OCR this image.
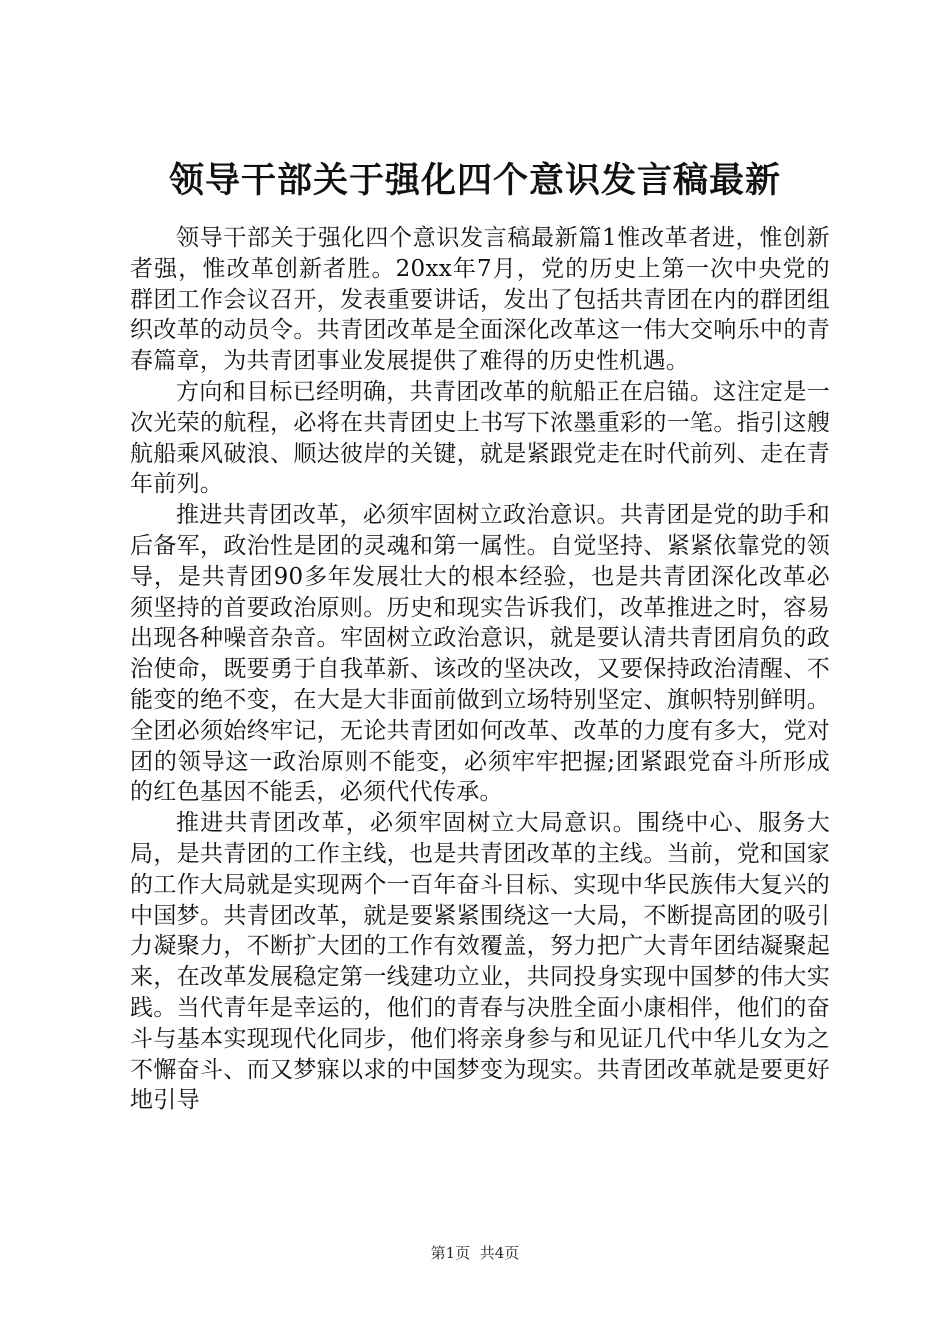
领导干部关于强化四个意识发言稿最新

领导干部关于强化四个意识发言稿最新篇1惟改革者进，惟创新者强，惟改革创新者胜。20xx年7月，党的历史上第一次中央党的群团工作会议召开，发表重要讲话，发出了包括共青团在内的群团组织改革的动员令。共青团改革是全面深化改革这一伟大交响乐中的青春篇章，为共青团事业发展提供了难得的历史性机遇。

方向和目标已经明确，共青团改革的航船正在启锚。这注定是一次光荣的航程，必将在共青团史上书写下浓墨重彩的一笔。指引这艘航船乘风破浪、顺达彼岸的关键，就是紧跟党走在时代前列、走在青年前列。

推进共青团改革，必须牢固树立政治意识。共青团是党的助手和后备军，政治性是团的灵魂和第一属性。自觉坚持、紧紧依靠党的领导，是共青团90多年发展壮大的根本经验，也是共青团深化改革必须坚持的首要政治原则。历史和现实告诉我们，改革推进之时，容易出现各种噪音杂音。牢固树立政治意识，就是要认清共青团肩负的政治使命，既要勇于自我革新、该改的坚决改，又要保持政治清醒、不能变的绝不变，在大是大非面前做到立场特别坚定、旗帜特别鲜明。全团必须始终牢记，无论共青团如何改革、改革的力度有多大，党对团的领导这一政治原则不能变，必须牢牢把握;团紧跟党奋斗所形成的红色基因不能丢，必须代代传承。

推进共青团改革，必须牢固树立大局意识。围绕中心、服务大局，是共青团的工作主线，也是共青团改革的主线。当前，党和国家的工作大局就是实现两个一百年奋斗目标、实现中华民族伟大复兴的中国梦。共青团改革，就是要紧紧围绕这一大局，不断提高团的吸引力凝聚力，不断扩大团的工作有效覆盖，努力把广大青年团结凝聚起来，在改革发展稳定第一线建功立业，共同投身实现中国梦的伟大实践。当代青年是幸运的，他们的青春与决胜全面小康相伴，他们的奋斗与基本实现现代化同步，他们将亲身参与和见证几代中华儿女为之不懈奋斗、而又梦寐以求的中国梦变为现实。共青团改革就是要更好地引导

第1页 共4页
